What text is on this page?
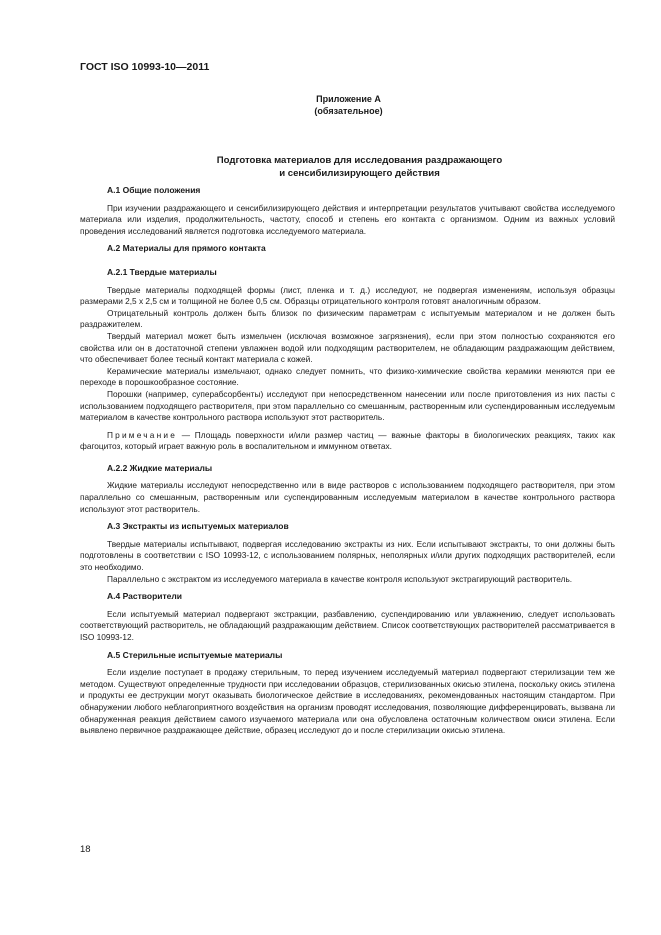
ГОСТ ISO 10993-10—2011
Приложение А
(обязательное)
Подготовка материалов для исследования раздражающего
и сенсибилизирующего действия
А.1 Общие положения

При изучении раздражающего и сенсибилизирующего действия и интерпретации результатов учитывают свойства исследуемого материала или изделия, продолжительность, частоту, способ и степень его контакта с организмом. Одним из важных условий проведения исследований является подготовка исследуемого материала.

А.2 Материалы для прямого контакта
А.2.1 Твердые материалы

Твердые материалы подходящей формы (лист, пленка и т. д.) исследуют, не подвергая изменениям, используя образцы размерами 2,5 x 2,5 см и толщиной не более 0,5 см. Образцы отрицательного контроля готовят аналогичным образом.

Отрицательный контроль должен быть близок по физическим параметрам с испытуемым материалом и не должен быть раздражителем.

Твердый материал может быть измельчен (исключая возможное загрязнения), если при этом полностью сохраняются его свойства или он в достаточной степени увлажнен водой или подходящим растворителем, не обладающим раздражающим действием, что обеспечивает более тесный контакт материала с кожей.

Керамические материалы измельчают, однако следует помнить, что физико-химические свойства керамики меняются при ее переходе в порошкообразное состояние.

Порошки (например, суперабсорбенты) исследуют при непосредственном нанесении или после приготовления из них пасты с использованием подходящего растворителя, при этом параллельно со смешанным, растворенным или суспендированным исследуемым материалом в качестве контрольного раствора используют этот растворитель.

Примечание — Площадь поверхности и/или размер частиц — важные факторы в биологических реакциях, таких как фагоцитоз, который играет важную роль в воспалительном и иммунном ответах.

А.2.2 Жидкие материалы

Жидкие материалы исследуют непосредственно или в виде растворов с использованием подходящего растворителя, при этом параллельно со смешанным, растворенным или суспендированным исследуемым материалом в качестве контрольного раствора используют этот растворитель.

А.3 Экстракты из испытуемых материалов

Твердые материалы испытывают, подвергая исследованию экстракты из них. Если испытывают экстракты, то они должны быть подготовлены в соответствии с ISO 10993-12, с использованием полярных, неполярных и/или других подходящих растворителей, если это необходимо.

Параллельно с экстрактом из исследуемого материала в качестве контроля используют экстрагирующий растворитель.

А.4 Растворители

Если испытуемый материал подвергают экстракции, разбавлению, суспендированию или увлажнению, следует использовать соответствующий растворитель, не обладающий раздражающим действием. Список соответствующих растворителей рассматривается в ISO 10993-12.

А.5 Стерильные испытуемые материалы

Если изделие поступает в продажу стерильным, то перед изучением исследуемый материал подвергают стерилизации тем же методом. Существуют определенные трудности при исследовании образцов, стерилизованных окисью этилена, поскольку окись этилена и продукты ее деструкции могут оказывать биологическое действие в исследованиях, рекомендованных настоящим стандартом. При обнаружении любого неблагоприятного воздействия на организм проводят исследования, позволяющие дифференцировать, вызвана ли обнаруженная реакция действием самого изучаемого материала или она обусловлена остаточным количеством окиси этилена. Если выявлено первичное раздражающее действие, образец исследуют до и после стерилизации окисью этилена.

18
